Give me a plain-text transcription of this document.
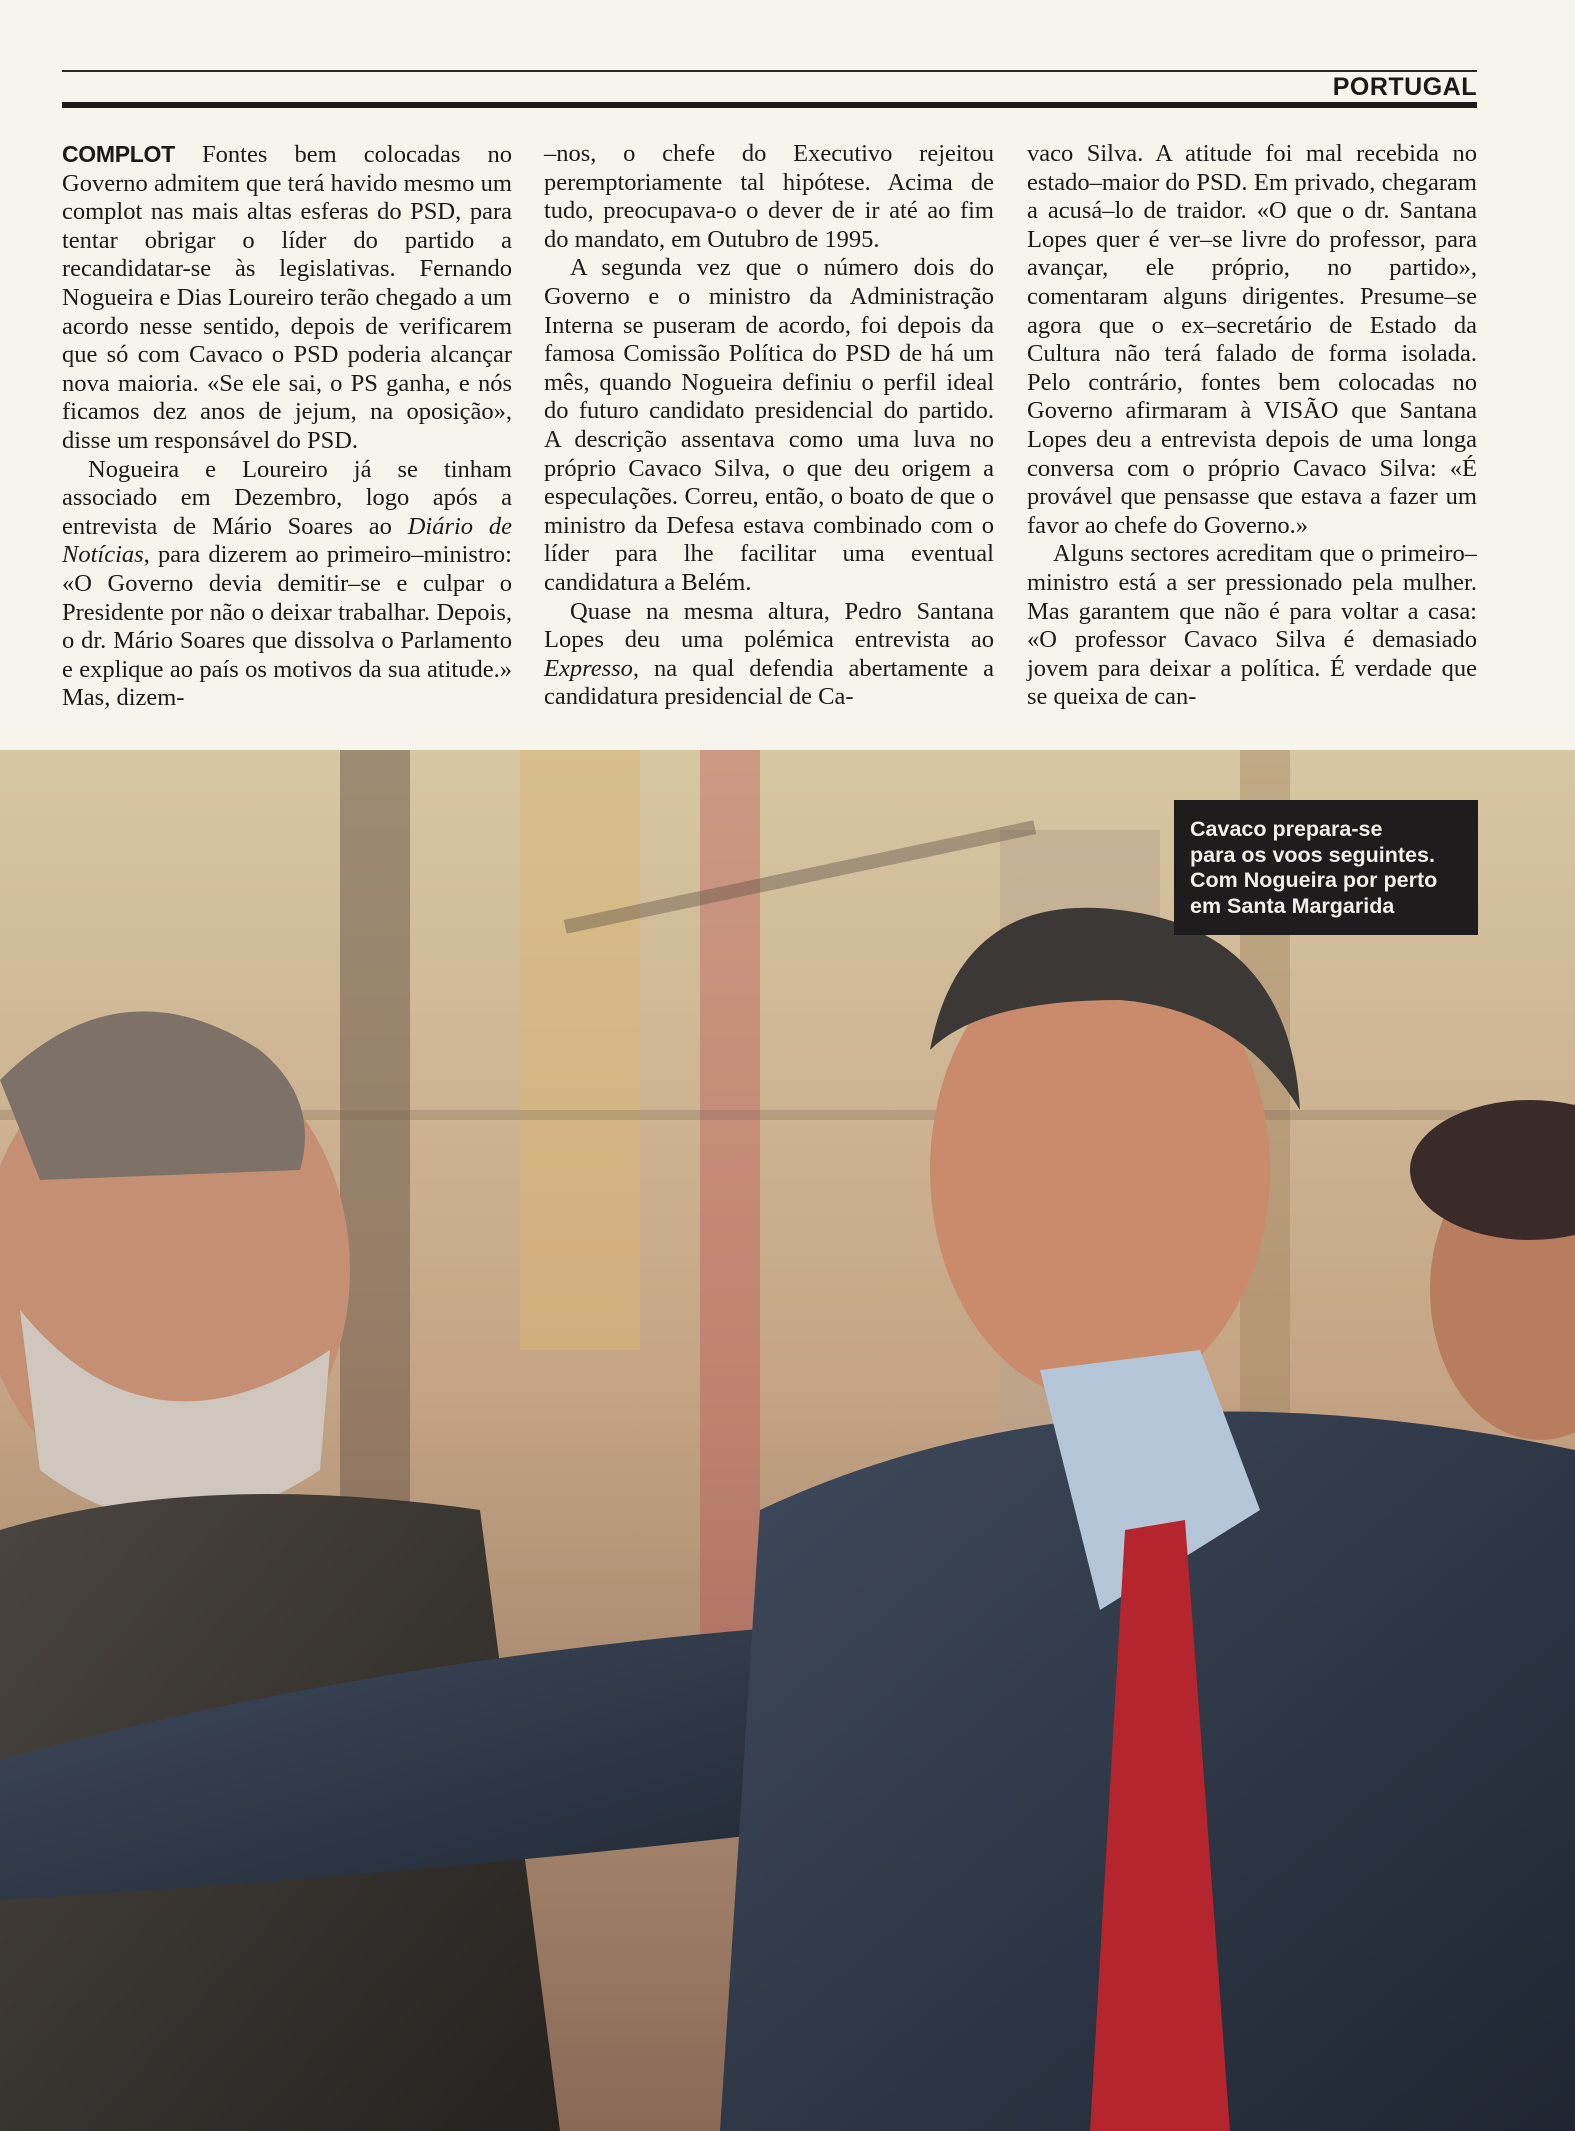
PORTUGAL

COMPLOT Fontes bem colocadas no Governo admitem que terá havido mesmo um complot nas mais altas esferas do PSD, para tentar obrigar o líder do partido a recandidatar-se às legislativas. Fernando Nogueira e Dias Loureiro terão chegado a um acordo nesse sentido, depois de verificarem que só com Cavaco o PSD poderia alcançar nova maioria. «Se ele sai, o PS ganha, e nós ficamos dez anos de jejum, na oposição», disse um responsável do PSD.

Nogueira e Loureiro já se tinham associado em Dezembro, logo após a entrevista de Mário Soares ao Diário de Notícias, para dizerem ao primeiro–ministro: «O Governo devia demitir–se e culpar o Presidente por não o deixar trabalhar. Depois, o dr. Mário Soares que dissolva o Parlamento e explique ao país os motivos da sua atitude.» Mas, dizem-

–nos, o chefe do Executivo rejeitou peremptoriamente tal hipótese. Acima de tudo, preocupava-o o dever de ir até ao fim do mandato, em Outubro de 1995.

A segunda vez que o número dois do Governo e o ministro da Administração Interna se puseram de acordo, foi depois da famosa Comissão Política do PSD de há um mês, quando Nogueira definiu o perfil ideal do futuro candidato presidencial do partido. A descrição assentava como uma luva no próprio Cavaco Silva, o que deu origem a especulações. Correu, então, o boato de que o ministro da Defesa estava combinado com o líder para lhe facilitar uma eventual candidatura a Belém.

Quase na mesma altura, Pedro Santana Lopes deu uma polémica entrevista ao Expresso, na qual defendia abertamente a candidatura presidencial de Ca-

vaco Silva. A atitude foi mal recebida no estado–maior do PSD. Em privado, chegaram a acusá–lo de traidor. «O que o dr. Santana Lopes quer é ver–se livre do professor, para avançar, ele próprio, no partido», comentaram alguns dirigentes. Presume–se agora que o ex–secretário de Estado da Cultura não terá falado de forma isolada. Pelo contrário, fontes bem colocadas no Governo afirmaram à VISÃO que Santana Lopes deu a entrevista depois de uma longa conversa com o próprio Cavaco Silva: «É provável que pensasse que estava a fazer um favor ao chefe do Governo.»

Alguns sectores acreditam que o primeiro–ministro está a ser pressionado pela mulher. Mas garantem que não é para voltar a casa: «O professor Cavaco Silva é demasiado jovem para deixar a política. É verdade que se queixa de can-

Cavaco prepara-se
para os voos seguintes.
Com Nogueira por perto
em Santa Margarida
